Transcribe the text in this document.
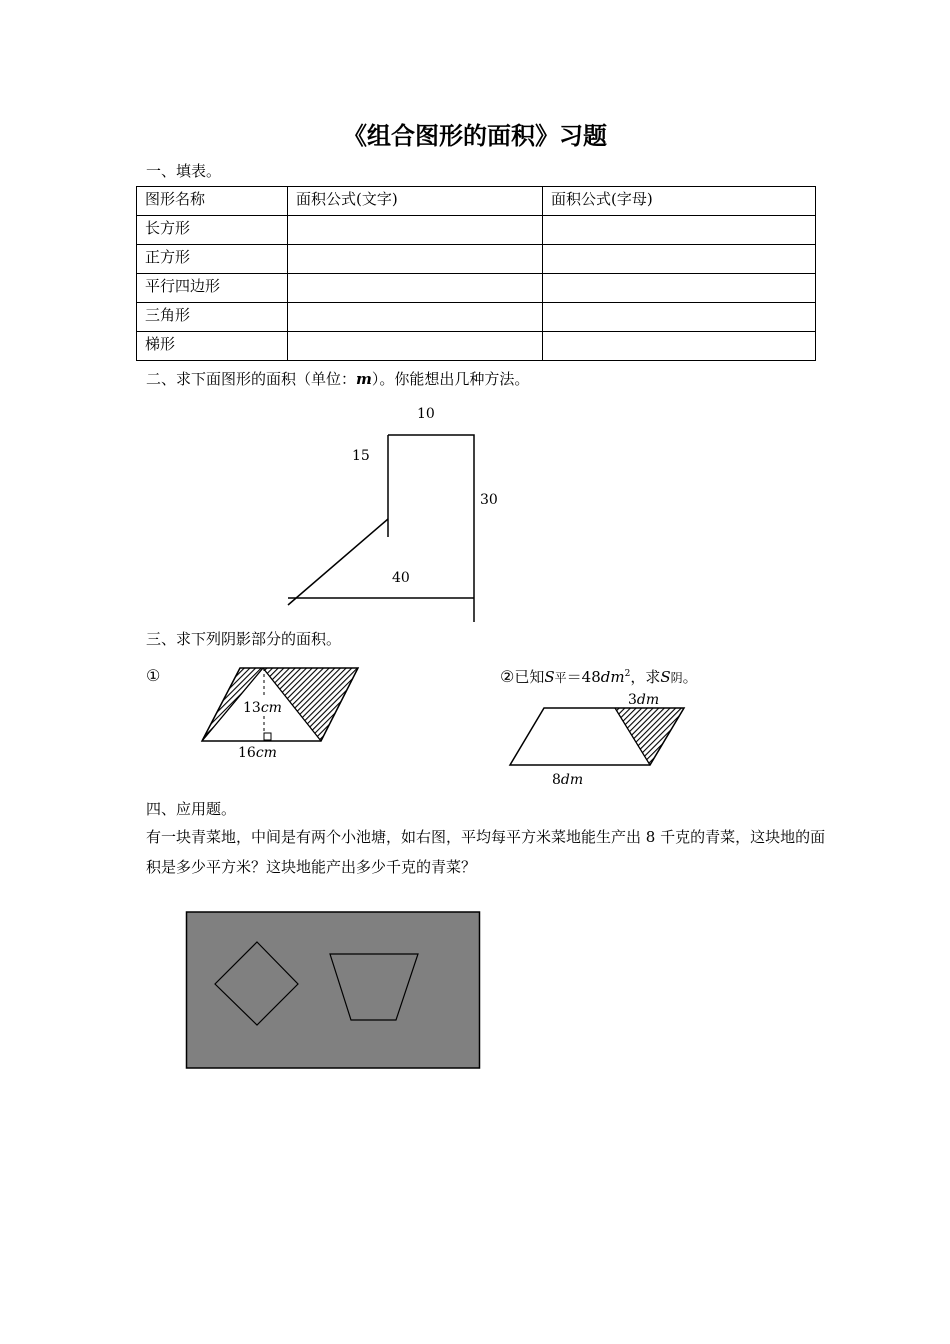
《组合图形的面积》习题
一、填表。
图形名称	面积公式(文字)	面积公式(字母)
长方形		
正方形		
平行四边形		
三角形		
梯形		
二、求下面图形的面积（单位：m）。你能想出几种方法。
10
15
30
40
三、求下列阴影部分的面积。
①
13cm
16cm
②已知S平$=48dm^2$，求S阴。
3dm
8dm
四、应用题。
有一块青菜地，中间是有两个小池塘，如右图，平均每平方米菜地能生产出 8 千克的青菜，这块地的面积是多少平方米？这块地能产出多少千克的青菜？
